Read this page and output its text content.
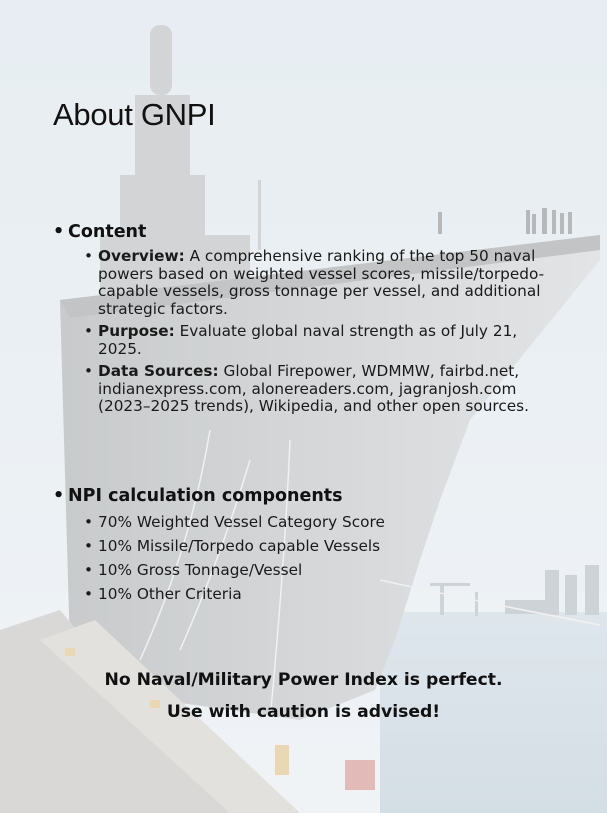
About GNPI
• Content
• Overview: A comprehensive ranking of the top 50 naval powers based on weighted vessel scores, missile/torpedo-capable vessels, gross tonnage per vessel, and additional strategic factors.
• Purpose: Evaluate global naval strength as of July 21, 2025.
• Data Sources: Global Firepower, WDMMW, fairbd.net, indianexpress.com, alonereaders.com, jagranjosh.com (2023–2025 trends), Wikipedia, and other open sources.
• NPI calculation components
• 70% Weighted Vessel Category Score
• 10% Missile/Torpedo capable Vessels
• 10% Gross Tonnage/Vessel
• 10% Other Criteria
No Naval/Military Power Index is perfect.
Use with caution is advised!
